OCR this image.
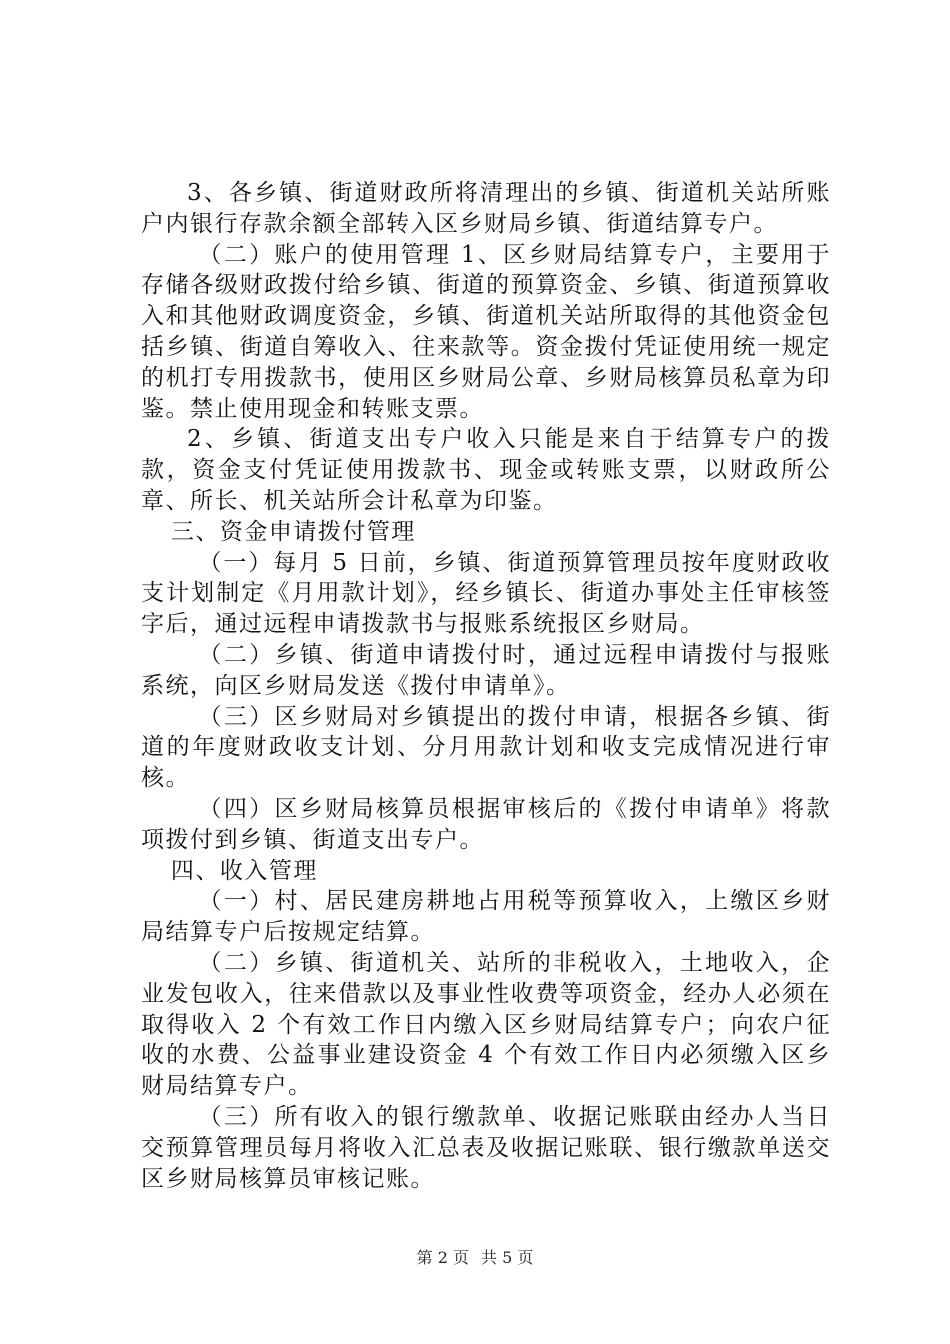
3、各乡镇、街道财政所将清理出的乡镇、街道机关站所账户内银行存款余额全部转入区乡财局乡镇、街道结算专户。

（二）账户的使用管理 1、区乡财局结算专户，主要用于存储各级财政拨付给乡镇、街道的预算资金、乡镇、街道预算收入和其他财政调度资金，乡镇、街道机关站所取得的其他资金包括乡镇、街道自筹收入、往来款等。资金拨付凭证使用统一规定的机打专用拨款书，使用区乡财局公章、乡财局核算员私章为印鉴。禁止使用现金和转账支票。

2、乡镇、街道支出专户收入只能是来自于结算专户的拨款，资金支付凭证使用拨款书、现金或转账支票，以财政所公章、所长、机关站所会计私章为印鉴。

三、资金申请拨付管理

（一）每月 5 日前，乡镇、街道预算管理员按年度财政收支计划制定《月用款计划》，经乡镇长、街道办事处主任审核签字后，通过远程申请拨款书与报账系统报区乡财局。

（二）乡镇、街道申请拨付时，通过远程申请拨付与报账系统，向区乡财局发送《拨付申请单》。

（三）区乡财局对乡镇提出的拨付申请，根据各乡镇、街道的年度财政收支计划、分月用款计划和收支完成情况进行审核。

（四）区乡财局核算员根据审核后的《拨付申请单》将款项拨付到乡镇、街道支出专户。

四、收入管理

（一）村、居民建房耕地占用税等预算收入，上缴区乡财局结算专户后按规定结算。

（二）乡镇、街道机关、站所的非税收入，土地收入，企业发包收入，往来借款以及事业性收费等项资金，经办人必须在取得收入 2 个有效工作日内缴入区乡财局结算专户；向农户征收的水费、公益事业建设资金 4 个有效工作日内必须缴入区乡财局结算专户。

（三）所有收入的银行缴款单、收据记账联由经办人当日交预算管理员每月将收入汇总表及收据记账联、银行缴款单送交区乡财局核算员审核记账。

第 2 页 共 5 页
